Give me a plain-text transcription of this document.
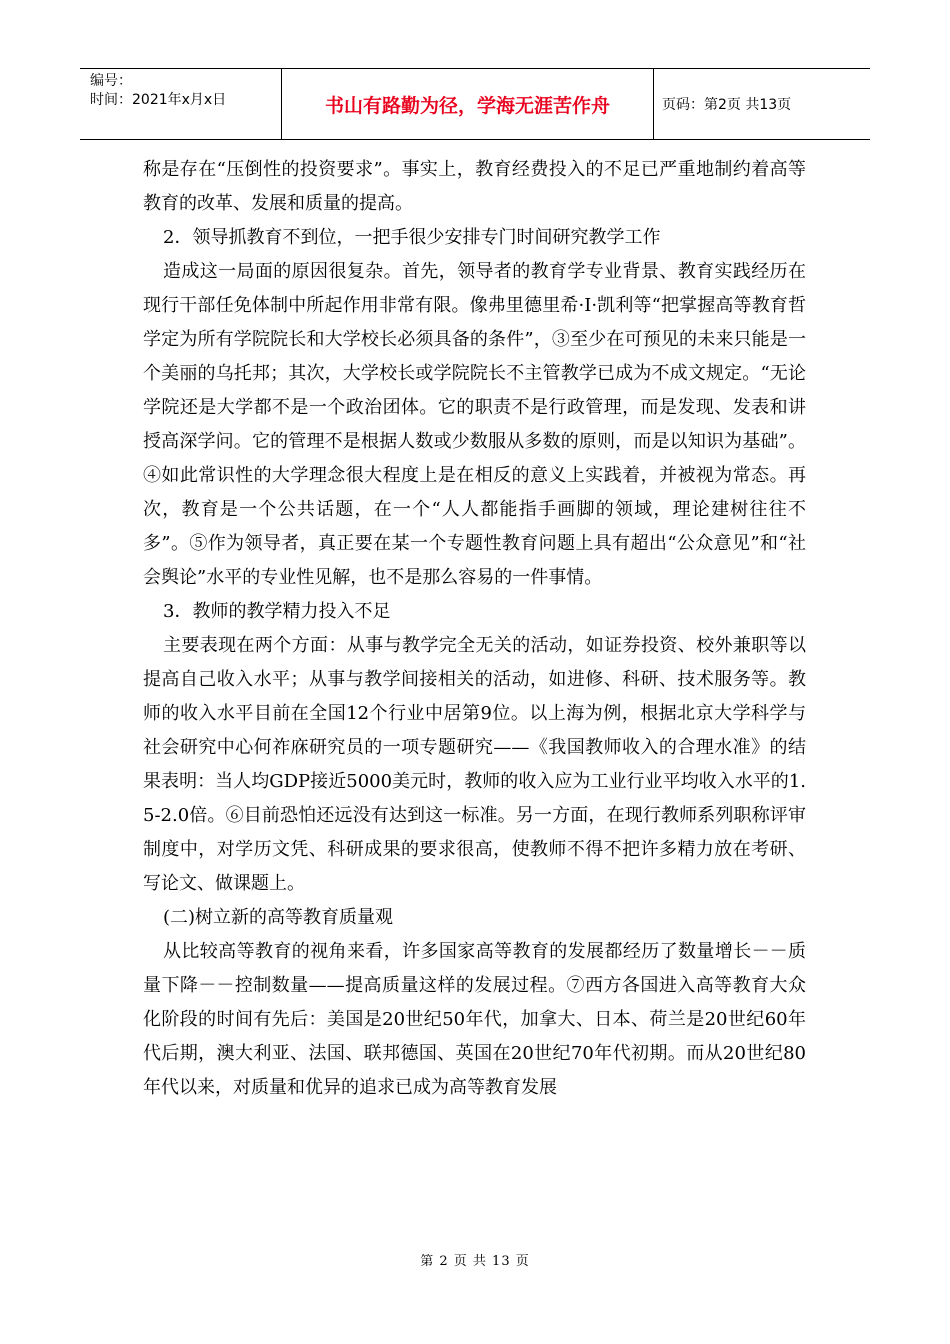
编号：
时间：2021年x月x日	书山有路勤为径，学海无涯苦作舟	页码：第2页 共13页

称是存在“压倒性的投资要求”。事实上，教育经费投入的不足已严重地制约着高等教育的改革、发展和质量的提高。

2．领导抓教育不到位，一把手很少安排专门时间研究教学工作

造成这一局面的原因很复杂。首先，领导者的教育学专业背景、教育实践经历在现行干部任免体制中所起作用非常有限。像弗里德里希·I·凯利等“把掌握高等教育哲学定为所有学院院长和大学校长必须具备的条件”，③至少在可预见的未来只能是一个美丽的乌托邦；其次，大学校长或学院院长不主管教学已成为不成文规定。“无论学院还是大学都不是一个政治团体。它的职责不是行政管理，而是发现、发表和讲授高深学问。它的管理不是根据人数或少数服从多数的原则，而是以知识为基础”。④如此常识性的大学理念很大程度上是在相反的意义上实践着，并被视为常态。再次，教育是一个公共话题，在一个“人人都能指手画脚的领域，理论建树往往不多”。⑤作为领导者，真正要在某一个专题性教育问题上具有超出“公众意见”和“社会舆论”水平的专业性见解，也不是那么容易的一件事情。

3．教师的教学精力投入不足

主要表现在两个方面：从事与教学完全无关的活动，如证券投资、校外兼职等以提高自己收入水平；从事与教学间接相关的活动，如进修、科研、技术服务等。教师的收入水平目前在全国12个行业中居第9位。以上海为例，根据北京大学科学与社会研究中心何祚庥研究员的一项专题研究——《我国教师收入的合理水准》的结果表明：当人均GDP接近5000美元时，教师的收入应为工业行业平均收入水平的1.5-2.0倍。⑥目前恐怕还远没有达到这一标准。另一方面，在现行教师系列职称评审制度中，对学历文凭、科研成果的要求很高，使教师不得不把许多精力放在考研、写论文、做课题上。

(二)树立新的高等教育质量观

从比较高等教育的视角来看，许多国家高等教育的发展都经历了数量增长－－质量下降－－控制数量——提高质量这样的发展过程。⑦西方各国进入高等教育大众化阶段的时间有先后：美国是20世纪50年代，加拿大、日本、荷兰是20世纪60年代后期，澳大利亚、法国、联邦德国、英国在20世纪70年代初期。而从20世纪80年代以来，对质量和优异的追求已成为高等教育发展

第 2 页 共 13 页
